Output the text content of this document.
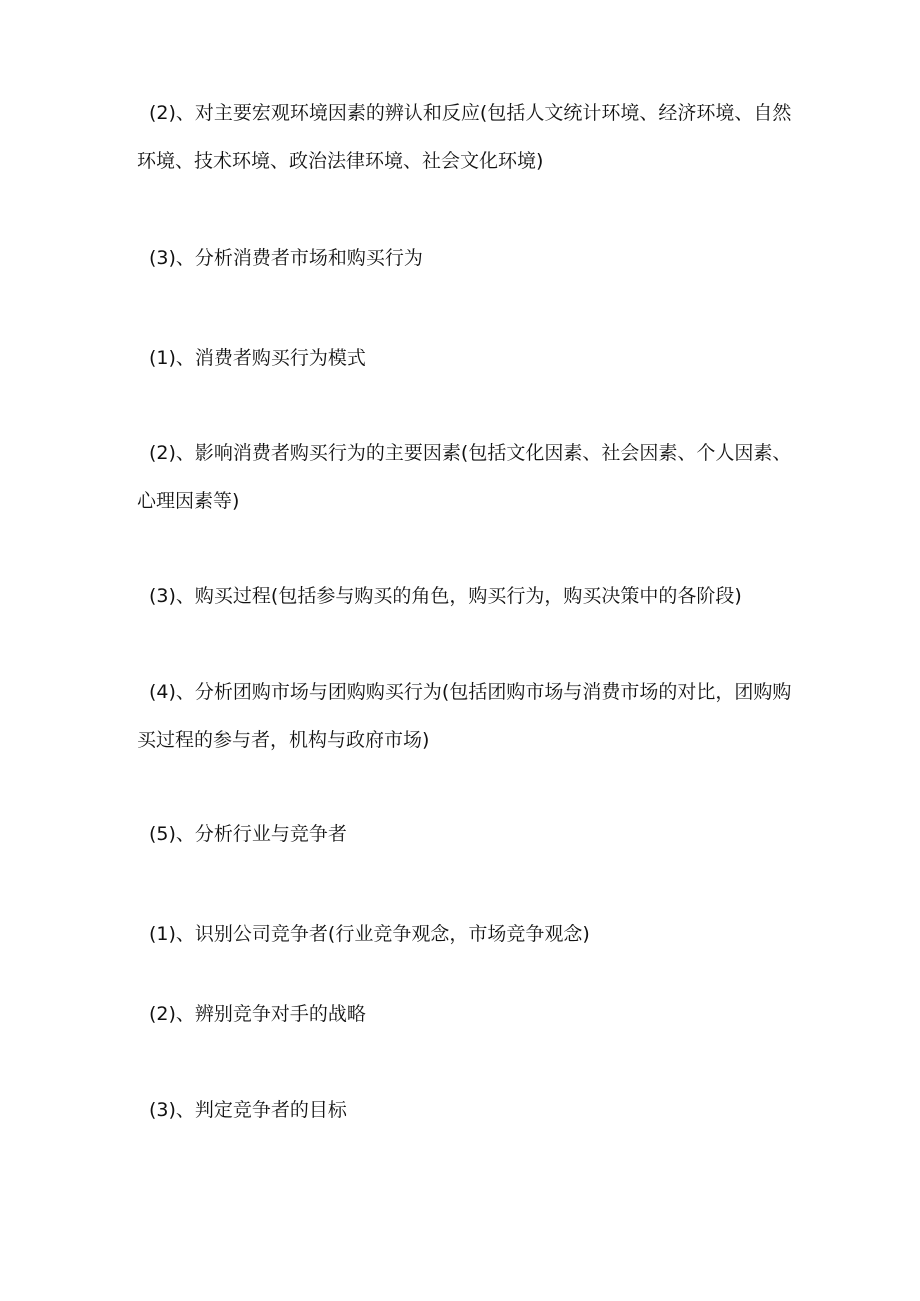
(2)、对主要宏观环境因素的辨认和反应(包括人文统计环境、经济环境、自然环境、技术环境、政治法律环境、社会文化环境)

(3)、分析消费者市场和购买行为

(1)、消费者购买行为模式

(2)、影响消费者购买行为的主要因素(包括文化因素、社会因素、个人因素、心理因素等)

(3)、购买过程(包括参与购买的角色，购买行为，购买决策中的各阶段)

(4)、分析团购市场与团购购买行为(包括团购市场与消费市场的对比，团购购买过程的参与者，机构与政府市场)

(5)、分析行业与竞争者

(1)、识别公司竞争者(行业竞争观念，市场竞争观念)

(2)、辨别竞争对手的战略

(3)、判定竞争者的目标
